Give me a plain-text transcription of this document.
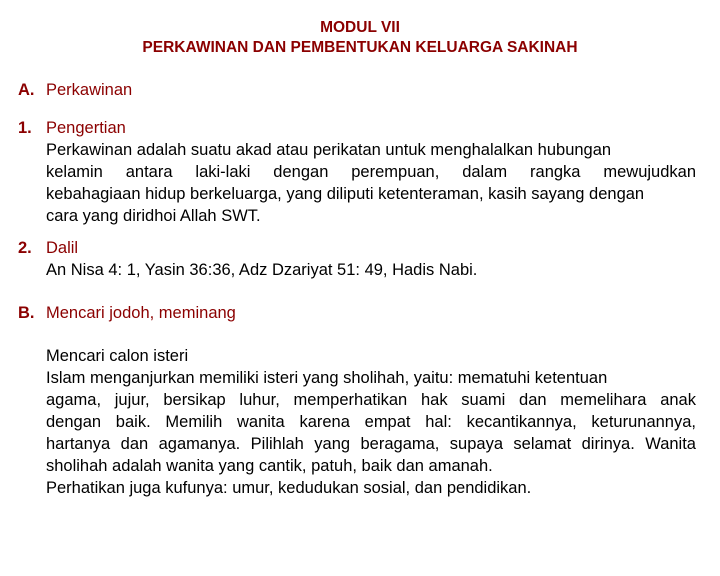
MODUL VII
PERKAWINAN DAN PEMBENTUKAN KELUARGA SAKINAH
A. Perkawinan
1. Pengertian
Perkawinan adalah suatu akad atau perikatan untuk menghalalkan hubungan
kelamin antara laki-laki dengan perempuan, dalam rangka mewujudkan
kebahagiaan hidup berkeluarga, yang diliputi ketenteraman, kasih sayang dengan
cara yang diridhoi Allah SWT.
2. Dalil
An Nisa 4: 1, Yasin 36:36, Adz Dzariyat 51: 49, Hadis Nabi.
B. Mencari jodoh, meminang
Mencari calon isteri
Islam menganjurkan memiliki isteri yang sholihah, yaitu: mematuhi ketentuan
agama, jujur, bersikap luhur, memperhatikan hak suami dan memelihara anak
dengan baik. Memilih wanita karena empat hal: kecantikannya, keturunannya,
hartanya dan agamanya. Pilihlah yang beragama, supaya selamat dirinya. Wanita
sholihah adalah wanita yang cantik, patuh, baik dan amanah.
Perhatikan juga kufunya: umur, kedudukan sosial, dan pendidikan.
